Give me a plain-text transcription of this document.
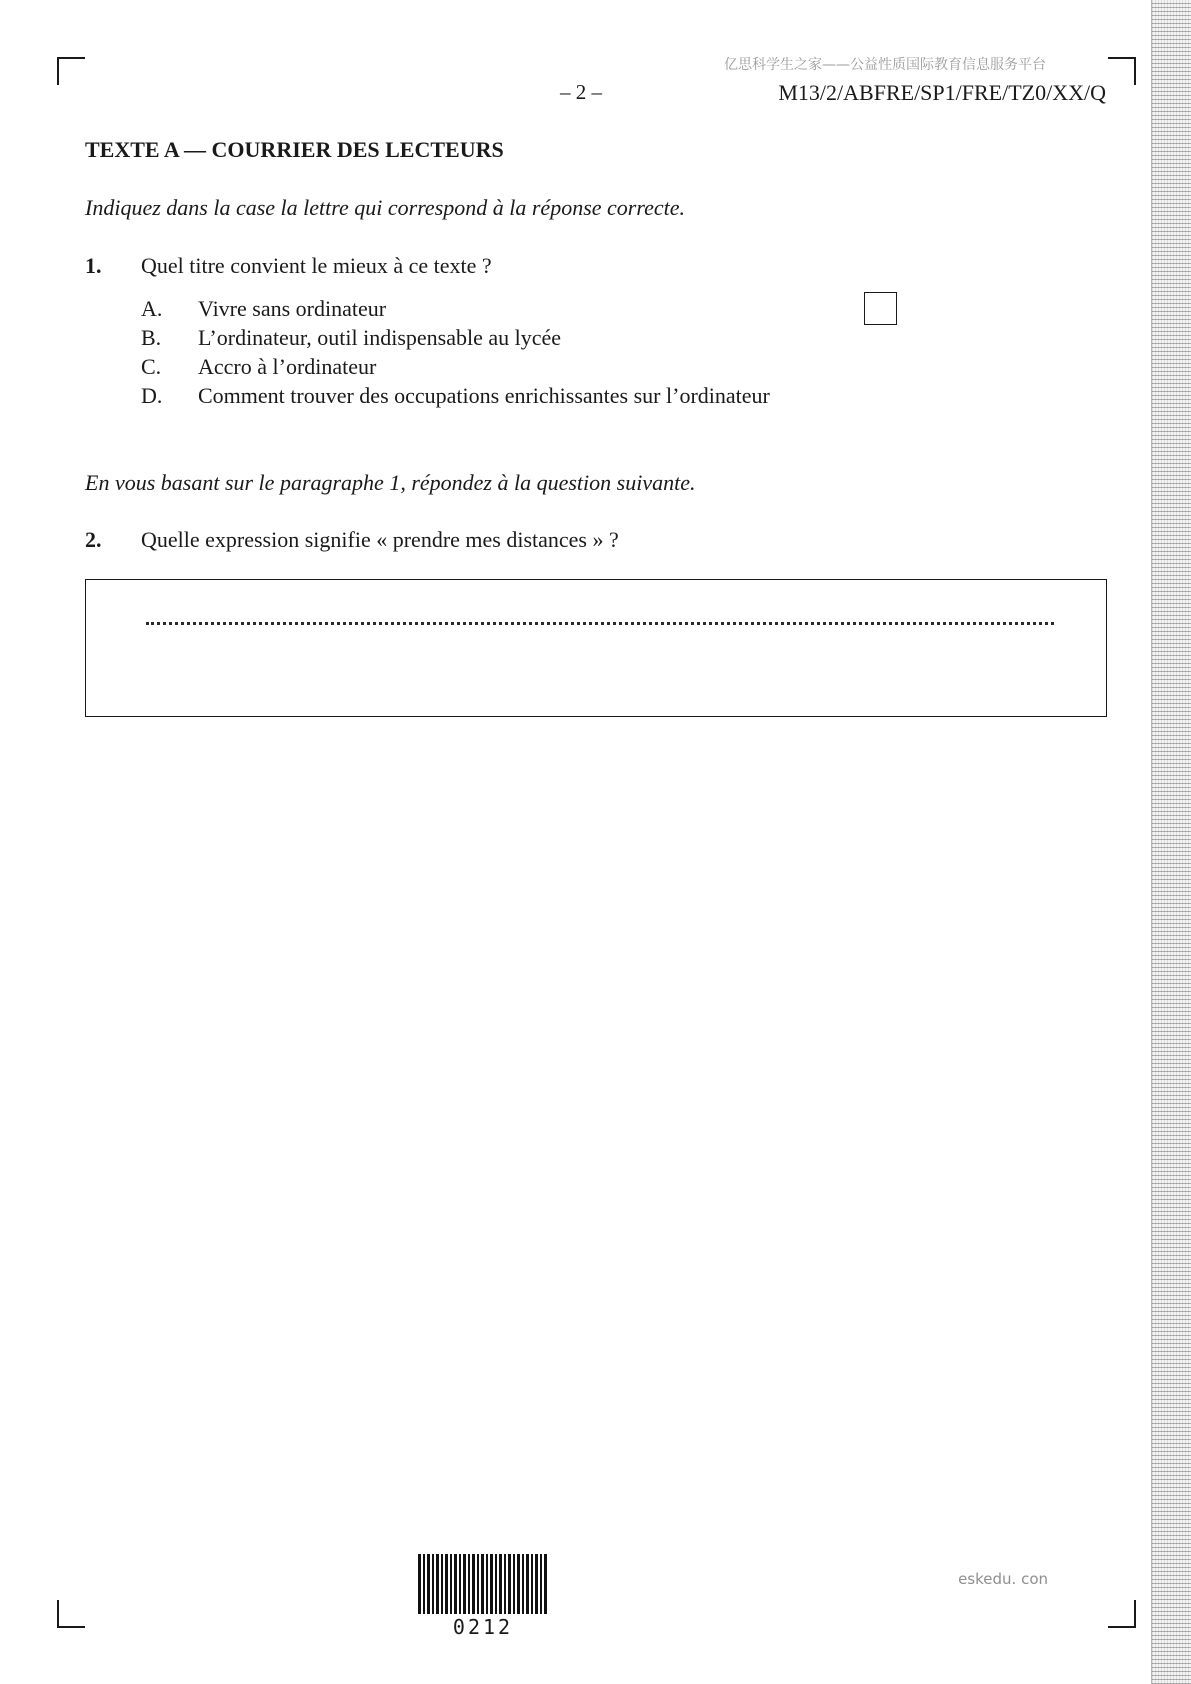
亿思科学生之家——公益性质国际教育信息服务平台
– 2 –	M13/2/ABFRE/SP1/FRE/TZ0/XX/Q
TEXTE A — COURRIER DES LECTEURS
Indiquez dans la case la lettre qui correspond à la réponse correcte.
1. Quel titre convient le mieux à ce texte ?
A. Vivre sans ordinateur
B. L’ordinateur, outil indispensable au lycée
C. Accro à l’ordinateur
D. Comment trouver des occupations enrichissantes sur l’ordinateur
En vous basant sur le paragraphe 1, répondez à la question suivante.
2. Quelle expression signifie « prendre mes distances » ?
0212
eskedu. con
